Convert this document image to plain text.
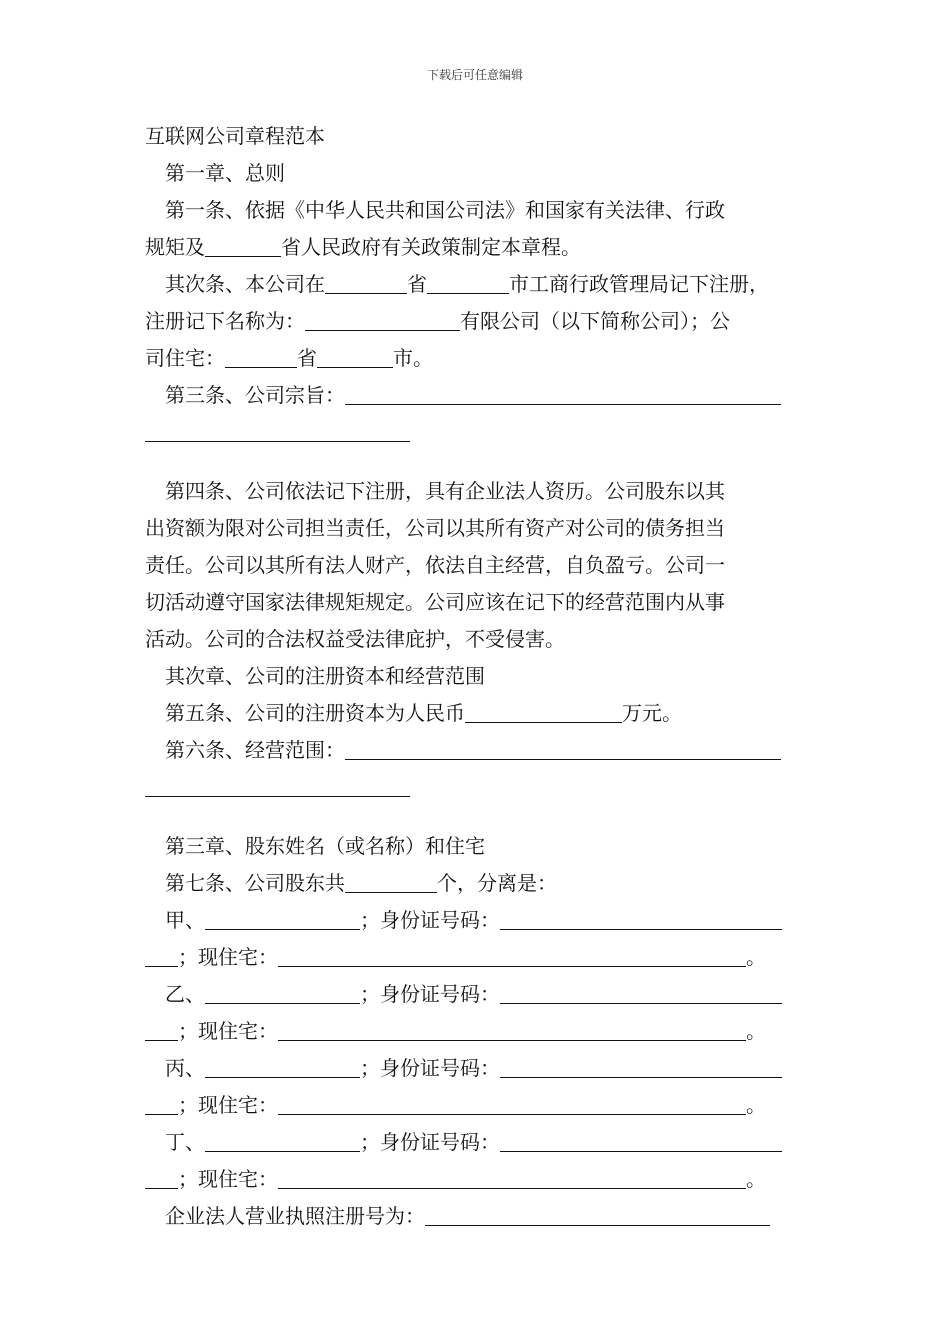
下载后可任意编辑
互联网公司章程范本
第一章、总则
第一条、依据《中华人民共和国公司法》和国家有关法律、行政
规矩及	省人民政府有关政策制定本章程。
其次条、本公司在	省	市工商行政管理局记下注册，
注册记下名称为：	有限公司（以下简称公司）；公
司住宅：	省	市。
第三条、公司宗旨：
第四条、公司依法记下注册，具有企业法人资历。公司股东以其
出资额为限对公司担当责任，公司以其所有资产对公司的债务担当
责任。公司以其所有法人财产，依法自主经营，自负盈亏。公司一
切活动遵守国家法律规矩规定。公司应该在记下的经营范围内从事
活动。公司的合法权益受法律庇护，不受侵害。
其次章、公司的注册资本和经营范围
第五条、公司的注册资本为人民币	万元。
第六条、经营范围：
第三章、股东姓名（或名称）和住宅
第七条、公司股东共	个，分离是：
甲、	；身份证号码：
；现住宅：	。
乙、	；身份证号码：
；现住宅：	。
丙、	；身份证号码：
；现住宅：	。
丁、	；身份证号码：
；现住宅：	。
企业法人营业执照注册号为：
